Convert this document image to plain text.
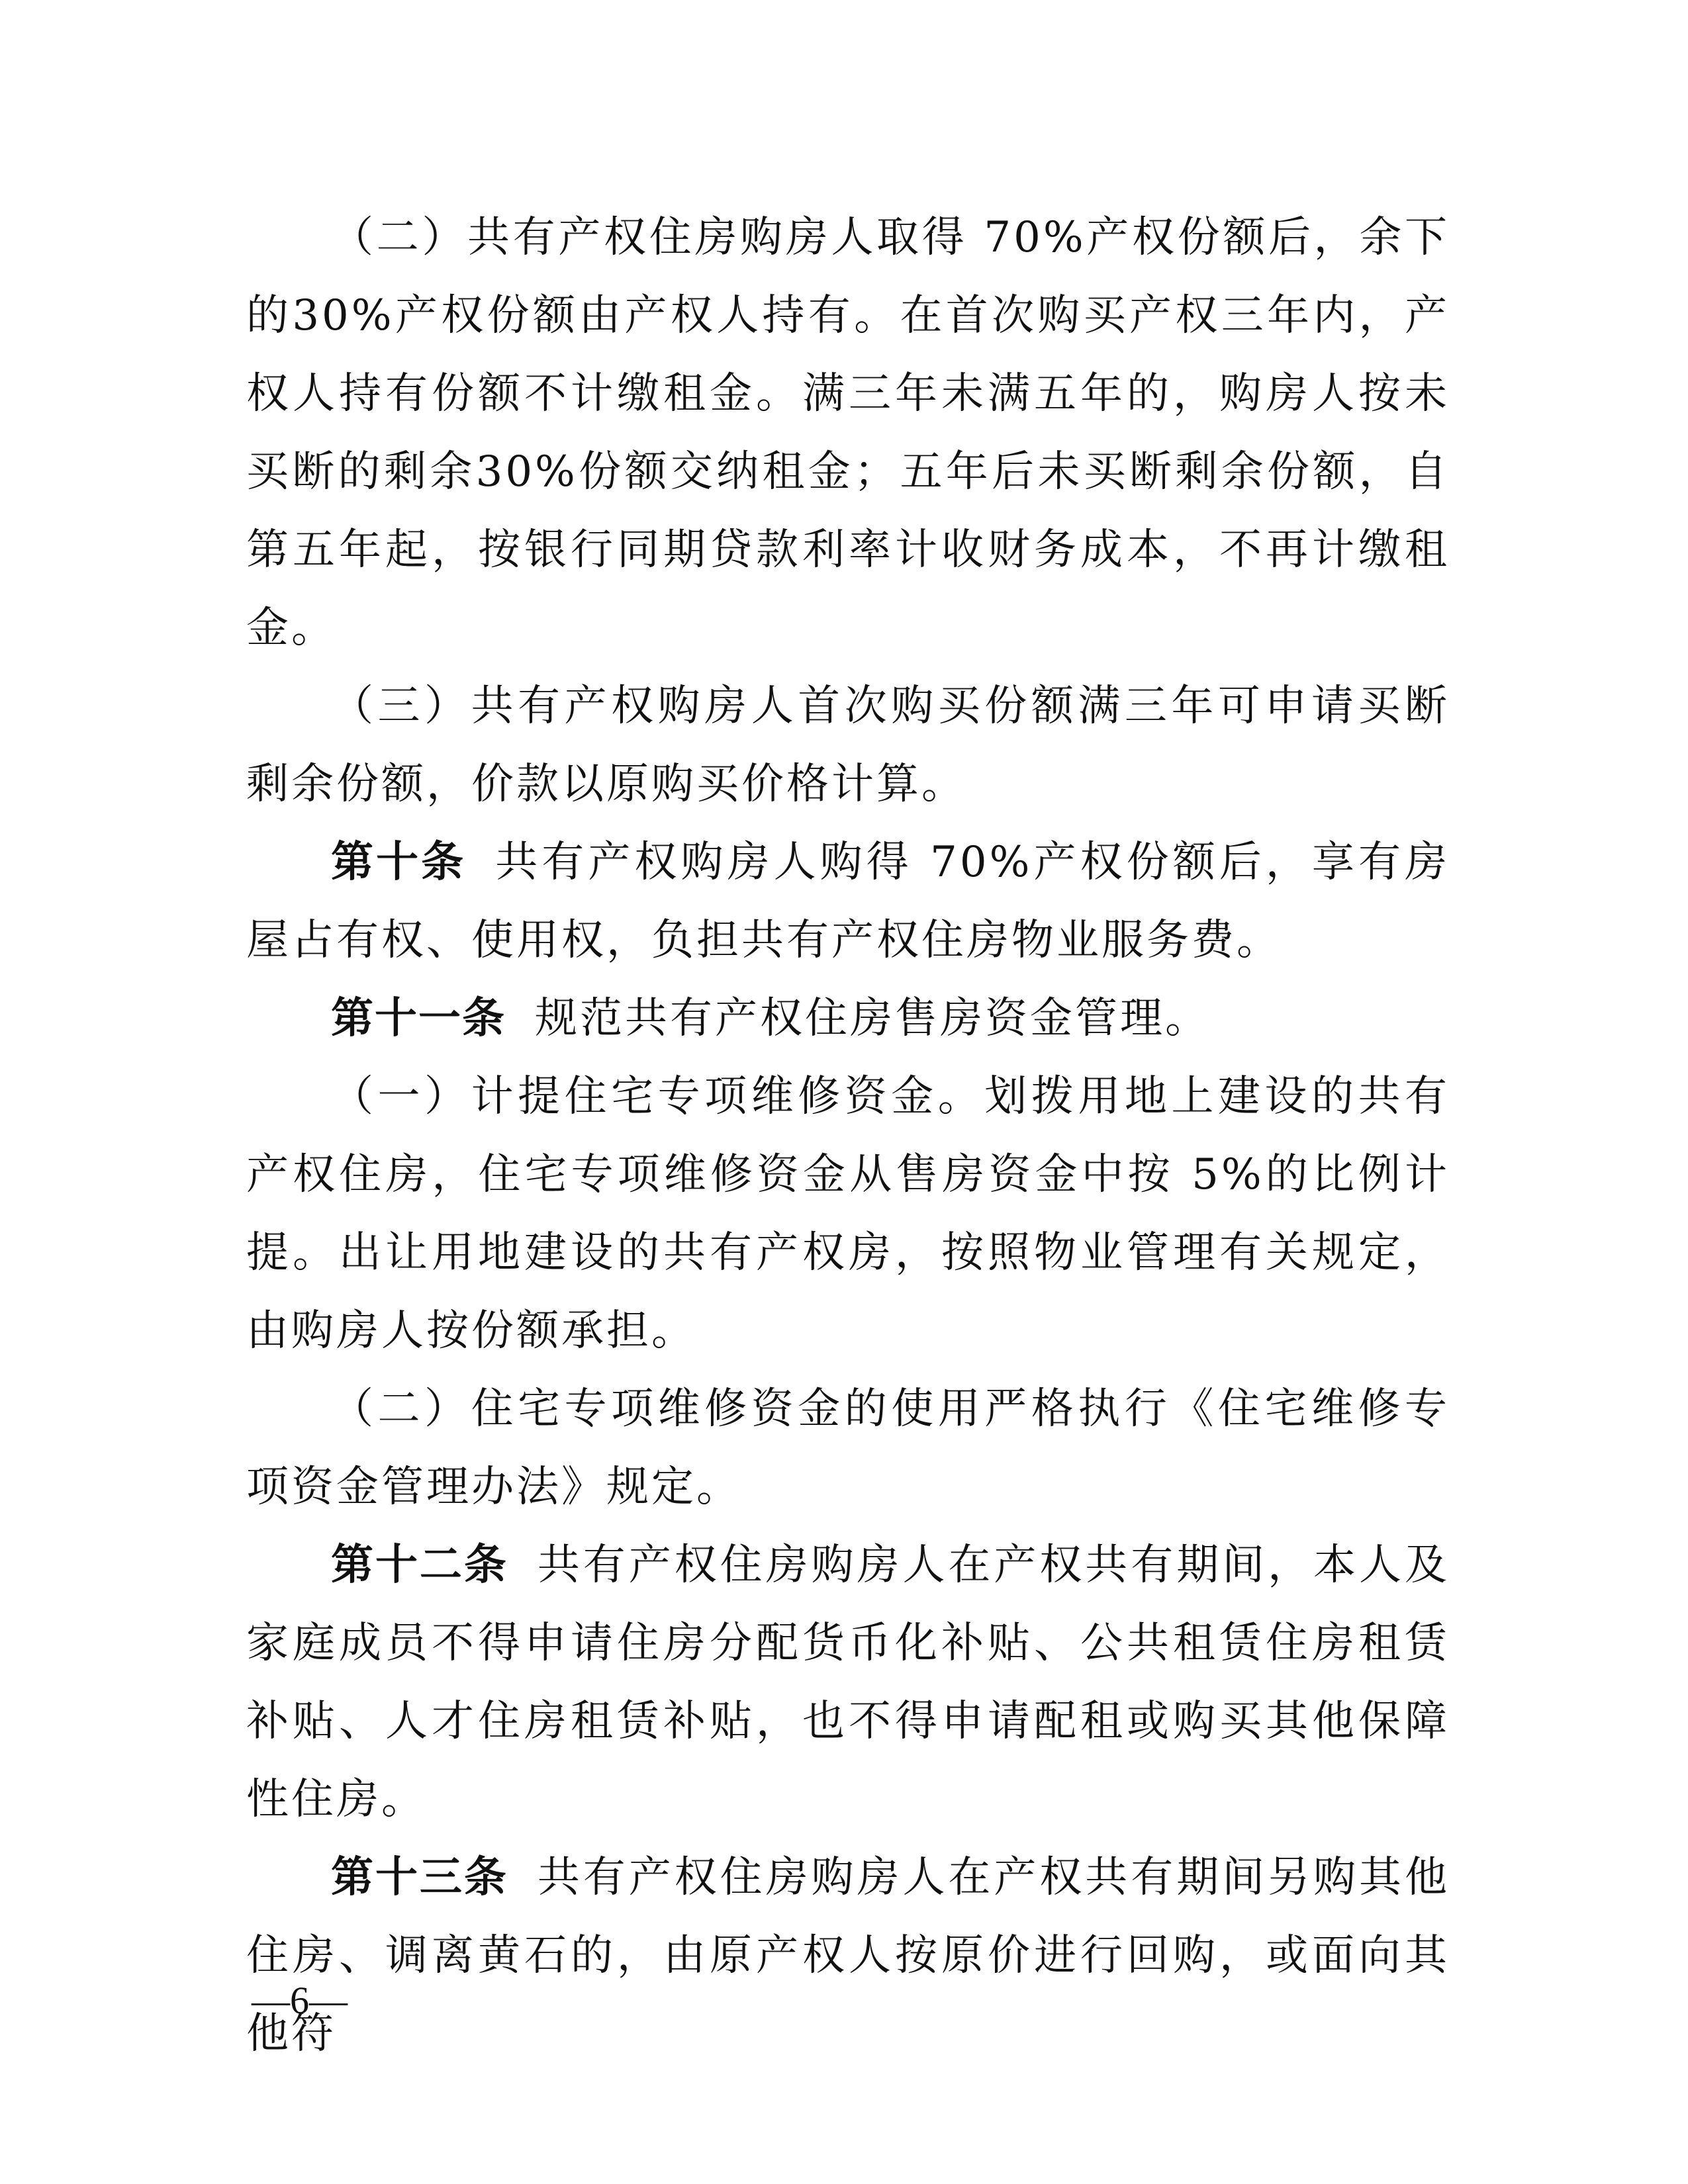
（二）共有产权住房购房人取得 70%产权份额后，余下的30%产权份额由产权人持有。在首次购买产权三年内，产权人持有份额不计缴租金。满三年未满五年的，购房人按未买断的剩余30%份额交纳租金；五年后未买断剩余份额，自第五年起，按银行同期贷款利率计收财务成本，不再计缴租金。

（三）共有产权购房人首次购买份额满三年可申请买断剩余份额，价款以原购买价格计算。

第十条 共有产权购房人购得 70%产权份额后，享有房屋占有权、使用权，负担共有产权住房物业服务费。

第十一条 规范共有产权住房售房资金管理。

（一）计提住宅专项维修资金。划拨用地上建设的共有产权住房，住宅专项维修资金从售房资金中按 5%的比例计提。出让用地建设的共有产权房，按照物业管理有关规定，由购房人按份额承担。

（二）住宅专项维修资金的使用严格执行《住宅维修专项资金管理办法》规定。

第十二条 共有产权住房购房人在产权共有期间，本人及家庭成员不得申请住房分配货币化补贴、公共租赁住房租赁补贴、人才住房租赁补贴，也不得申请配租或购买其他保障性住房。

第十三条 共有产权住房购房人在产权共有期间另购其他住房、调离黄石的，由原产权人按原价进行回购，或面向其他符

—6—
